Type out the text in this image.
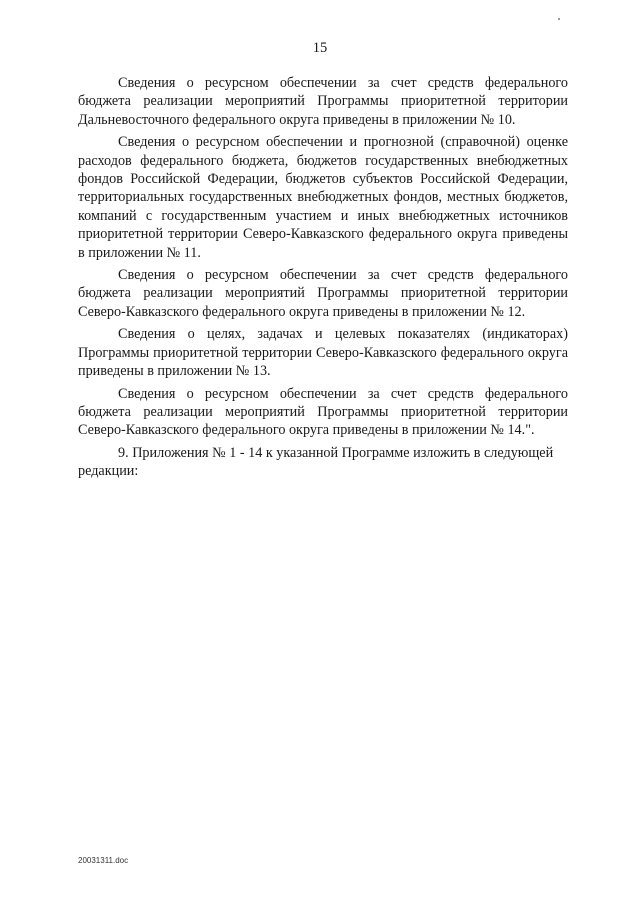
15

Сведения о ресурсном обеспечении за счет средств федерального бюджета реализации мероприятий Программы приоритетной территории Дальневосточного федерального округа приведены в приложении № 10.

Сведения о ресурсном обеспечении и прогнозной (справочной) оценке расходов федерального бюджета, бюджетов государственных внебюджетных фондов Российской Федерации, бюджетов субъектов Российской Федерации, территориальных государственных внебюджетных фондов, местных бюджетов, компаний с государственным участием и иных внебюджетных источников приоритетной территории Северо-Кавказского федерального округа приведены в приложении № 11.

Сведения о ресурсном обеспечении за счет средств федерального бюджета реализации мероприятий Программы приоритетной территории Северо-Кавказского федерального округа приведены в приложении № 12.

Сведения о целях, задачах и целевых показателях (индикаторах) Программы приоритетной территории Северо-Кавказского федерального округа приведены в приложении № 13.

Сведения о ресурсном обеспечении за счет средств федерального бюджета реализации мероприятий Программы приоритетной территории Северо-Кавказского федерального округа приведены в приложении № 14.".

9. Приложения № 1 - 14 к указанной Программе изложить в следующей редакции:

20031311.doc
